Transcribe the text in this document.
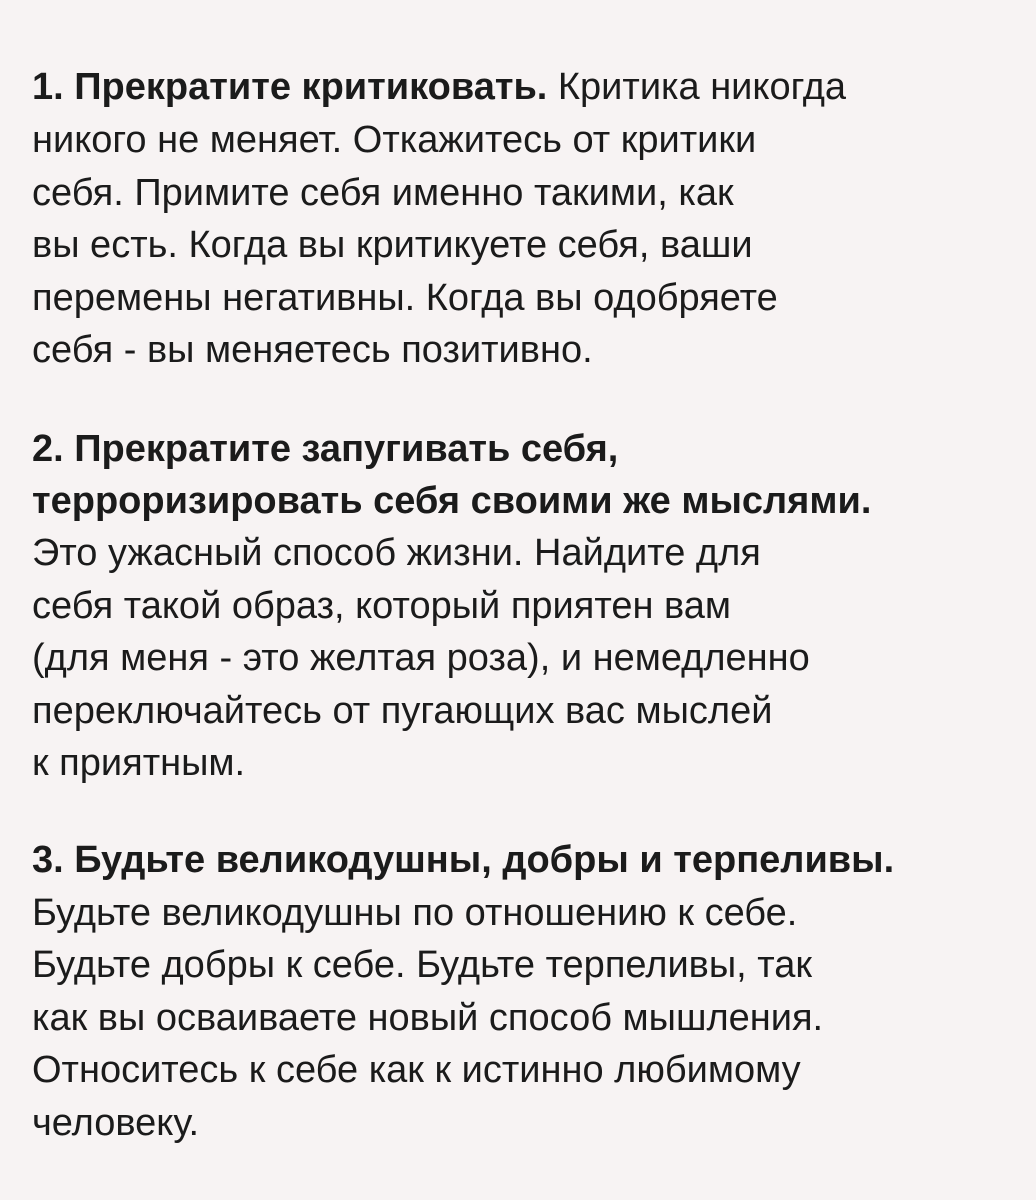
1. Прекратите критиковать. Критика никогда
никого не меняет. Откажитесь от критики
себя. Примите себя именно такими, как
вы есть. Когда вы критикуете себя, ваши
перемены негативны. Когда вы одобряете
себя - вы меняетесь позитивно.
2. Прекратите запугивать себя,
терроризировать себя своими же мыслями.
Это ужасный способ жизни. Найдите для
себя такой образ, который приятен вам
(для меня - это желтая роза), и немедленно
переключайтесь от пугающих вас мыслей
к приятным.
3. Будьте великодушны, добры и терпеливы.
Будьте великодушны по отношению к себе.
Будьте добры к себе. Будьте терпеливы, так
как вы осваиваете новый способ мышления.
Относитесь к себе как к истинно любимому
человеку.
